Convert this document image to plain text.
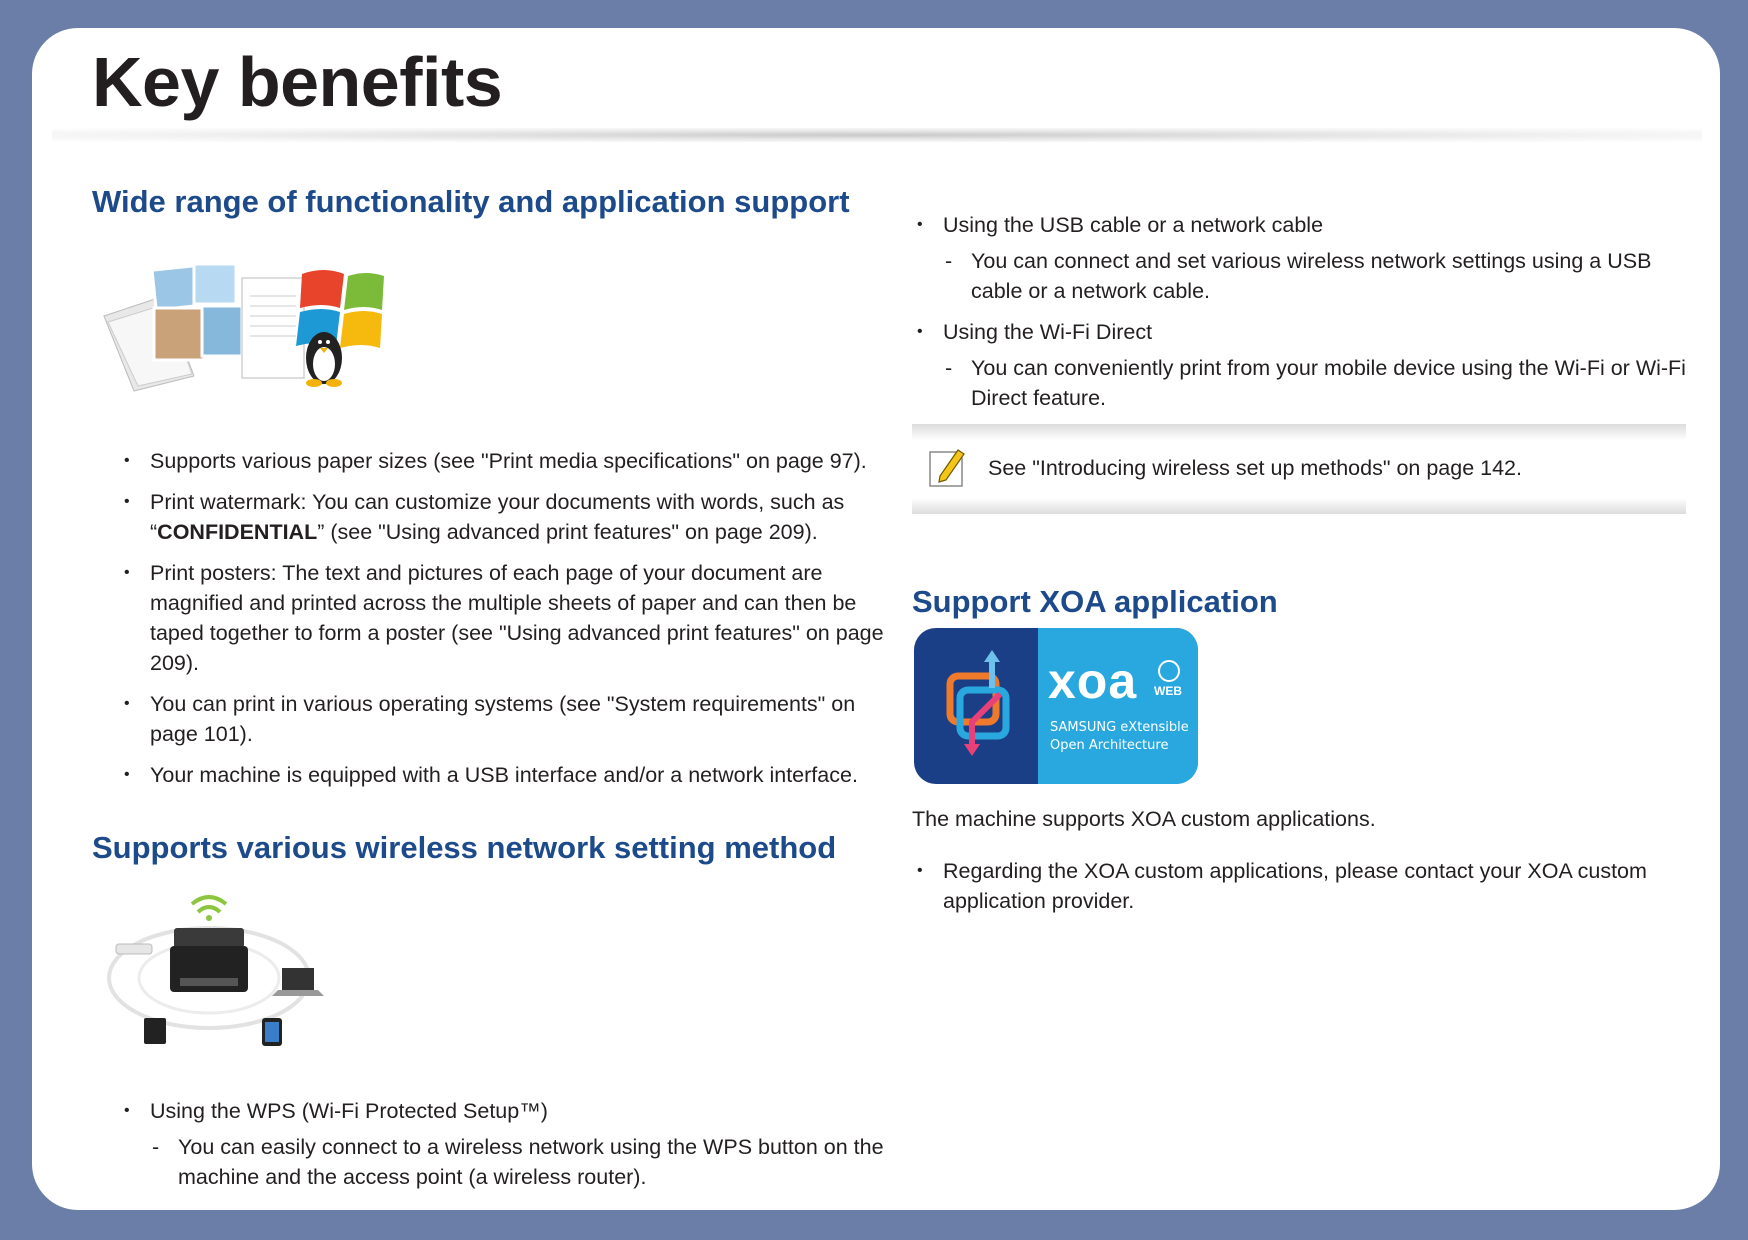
Key benefits
Wide range of functionality and application support
• Supports various paper sizes (see "Print media specifications" on page 97).
• Print watermark: You can customize your documents with words, such as
“CONFIDENTIAL” (see "Using advanced print features" on page 209).
• Print posters: The text and pictures of each page of your document are magnified and printed across the multiple sheets of paper and can then be taped together to form a poster (see "Using advanced print features" on page 209).
• You can print in various operating systems (see "System requirements" on page 101).
• Your machine is equipped with a USB interface and/or a network interface.
Supports various wireless network setting method
• Using the WPS (Wi-Fi Protected Setup™)
- You can easily connect to a wireless network using the WPS button on the machine and the access point (a wireless router).
• Using the USB cable or a network cable
- You can connect and set various wireless network settings using a USB cable or a network cable.
• Using the Wi-Fi Direct
- You can conveniently print from your mobile device using the Wi-Fi or Wi-Fi Direct feature.

See "Introducing wireless set up methods" on page 142.

Support XOA application
xoa WEB
SAMSUNG eXtensible
Open Architecture

The machine supports XOA custom applications.

• Regarding the XOA custom applications, please contact your XOA custom application provider.
